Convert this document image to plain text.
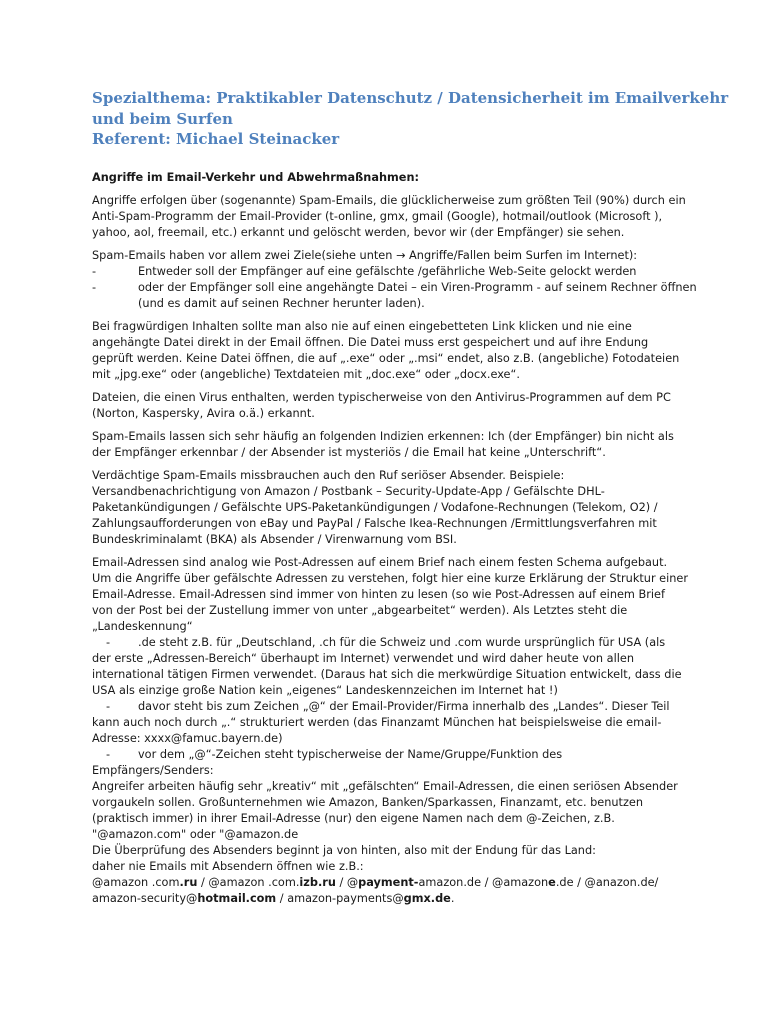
Spezialthema: Praktikabler Datenschutz / Datensicherheit im Emailverkehr
und beim Surfen
Referent: Michael Steinacker

Angriffe im Email-Verkehr und Abwehrmaßnahmen:

Angriffe erfolgen über (sogenannte) Spam-Emails, die glücklicherweise zum größten Teil (90%) durch ein
Anti-Spam-Programm der Email-Provider (t-online, gmx, gmail (Google), hotmail/outlook (Microsoft ),
yahoo, aol, freemail, etc.) erkannt und gelöscht werden, bevor wir (der Empfänger) sie sehen.

Spam-Emails haben vor allem zwei Ziele(siehe unten → Angriffe/Fallen beim Surfen im Internet):
-	Entweder soll der Empfänger auf eine gefälschte /gefährliche Web-Seite gelockt werden
-	oder der Empfänger soll eine angehängte Datei – ein Viren-Programm - auf seinem Rechner öffnen (und es damit auf seinen Rechner herunter laden).

Bei fragwürdigen Inhalten sollte man also nie auf einen eingebetteten Link klicken und nie eine
angehängte Datei direkt in der Email öffnen. Die Datei muss erst gespeichert und auf ihre Endung
geprüft werden. Keine Datei öffnen, die auf „.exe“ oder „.msi“ endet, also z.B. (angebliche) Fotodateien
mit „jpg.exe“ oder (angebliche) Textdateien mit „doc.exe“ oder „docx.exe“.

Dateien, die einen Virus enthalten, werden typischerweise von den Antivirus-Programmen auf dem PC
(Norton, Kaspersky, Avira o.ä.) erkannt.

Spam-Emails lassen sich sehr häufig an folgenden Indizien erkennen: Ich (der Empfänger) bin nicht als
der Empfänger erkennbar / der Absender ist mysteriös / die Email hat keine „Unterschrift“.

Verdächtige Spam-Emails missbrauchen auch den Ruf seriöser Absender. Beispiele:
Versandbenachrichtigung von Amazon / Postbank – Security-Update-App / Gefälschte DHL-
Paketankündigungen / Gefälschte UPS-Paketankündigungen / Vodafone-Rechnungen (Telekom, O2) /
Zahlungsaufforderungen von eBay und PayPal / Falsche Ikea-Rechnungen /Ermittlungsverfahren mit
Bundeskriminalamt (BKA) als Absender / Virenwarnung vom BSI.

Email-Adressen sind analog wie Post-Adressen auf einem Brief nach einem festen Schema aufgebaut.
Um die Angriffe über gefälschte Adressen zu verstehen, folgt hier eine kurze Erklärung der Struktur einer
Email-Adresse. Email-Adressen sind immer von hinten zu lesen (so wie Post-Adressen auf einem Brief
von der Post bei der Zustellung immer von unter „abgearbeitet“ werden). Als Letztes steht die
„Landeskennung“
-	.de steht z.B. für „Deutschland, .ch für die Schweiz und .com wurde ursprünglich für USA (als
der erste „Adressen-Bereich“ überhaupt im Internet) verwendet und wird daher heute von allen
international tätigen Firmen verwendet. (Daraus hat sich die merkwürdige Situation entwickelt, dass die
USA als einzige große Nation kein „eigenes“ Landeskennzeichen im Internet hat !)
-	davor steht bis zum Zeichen „@“ der Email-Provider/Firma innerhalb des „Landes“. Dieser Teil
kann auch noch durch „.“ strukturiert werden (das Finanzamt München hat beispielsweise die email-
Adresse: xxxx@famuc.bayern.de)
-	vor dem „@“-Zeichen steht typischerweise der Name/Gruppe/Funktion des
Empfängers/Senders:
Angreifer arbeiten häufig sehr „kreativ“ mit „gefälschten“ Email-Adressen, die einen seriösen Absender
vorgaukeln sollen. Großunternehmen wie Amazon, Banken/Sparkassen, Finanzamt, etc. benutzen
(praktisch immer) in ihrer Email-Adresse (nur) den eigene Namen nach dem @-Zeichen, z.B.
"@amazon.com" oder "@amazon.de
Die Überprüfung des Absenders beginnt ja von hinten, also mit der Endung für das Land:
daher nie Emails mit Absendern öffnen wie z.B.:
@amazon .com.ru / @amazon .com.izb.ru / @payment-amazon.de / @amazone.de / @anazon.de/
amazon-security@hotmail.com / amazon-payments@gmx.de.
